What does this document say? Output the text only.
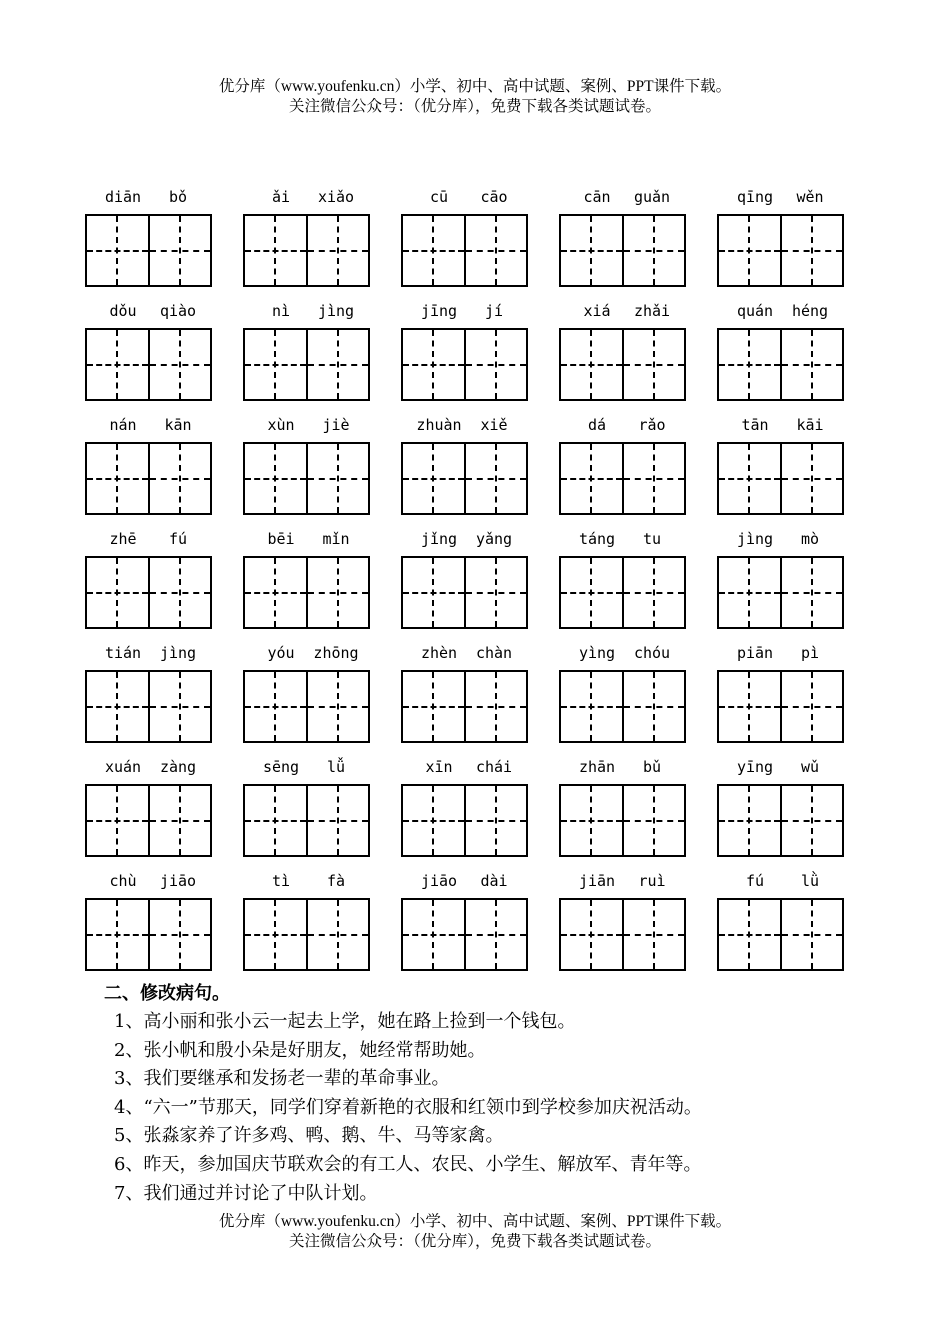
优分库（www.youfenku.cn）小学、初中、高中试题、案例、PPT课件下载。
关注微信公众号：（优分库），免费下载各类试题试卷。
diān bǒ	ǎi xiǎo	cū cāo	cān guǎn	qīng wěn
dǒu qiào	nì jìng	jīng jí	xiá zhǎi	quán héng
nán kān	xùn jiè	zhuàn xiě	dá rǎo	tān kāi
zhē fú	bēi mǐn	jǐng yǎng	táng tu	jìng mò
tián jìng	yóu zhōng	zhèn chàn	yìng chóu	piān pì
xuán zàng	sēng lǚ	xīn chái	zhān bǔ	yīng wǔ
chù jiāo	tì fà	jiāo dài	jiān ruì	fú lǜ
二、修改病句。
1、高小丽和张小云一起去上学，她在路上捡到一个钱包。
2、张小帆和殷小朵是好朋友，她经常帮助她。
3、我们要继承和发扬老一辈的革命事业。
4、“六一”节那天，同学们穿着新艳的衣服和红领巾到学校参加庆祝活动。
5、张淼家养了许多鸡、鸭、鹅、牛、马等家禽。
6、昨天，参加国庆节联欢会的有工人、农民、小学生、解放军、青年等。
7、我们通过并讨论了中队计划。
优分库（www.youfenku.cn）小学、初中、高中试题、案例、PPT课件下载。
关注微信公众号：（优分库），免费下载各类试题试卷。
